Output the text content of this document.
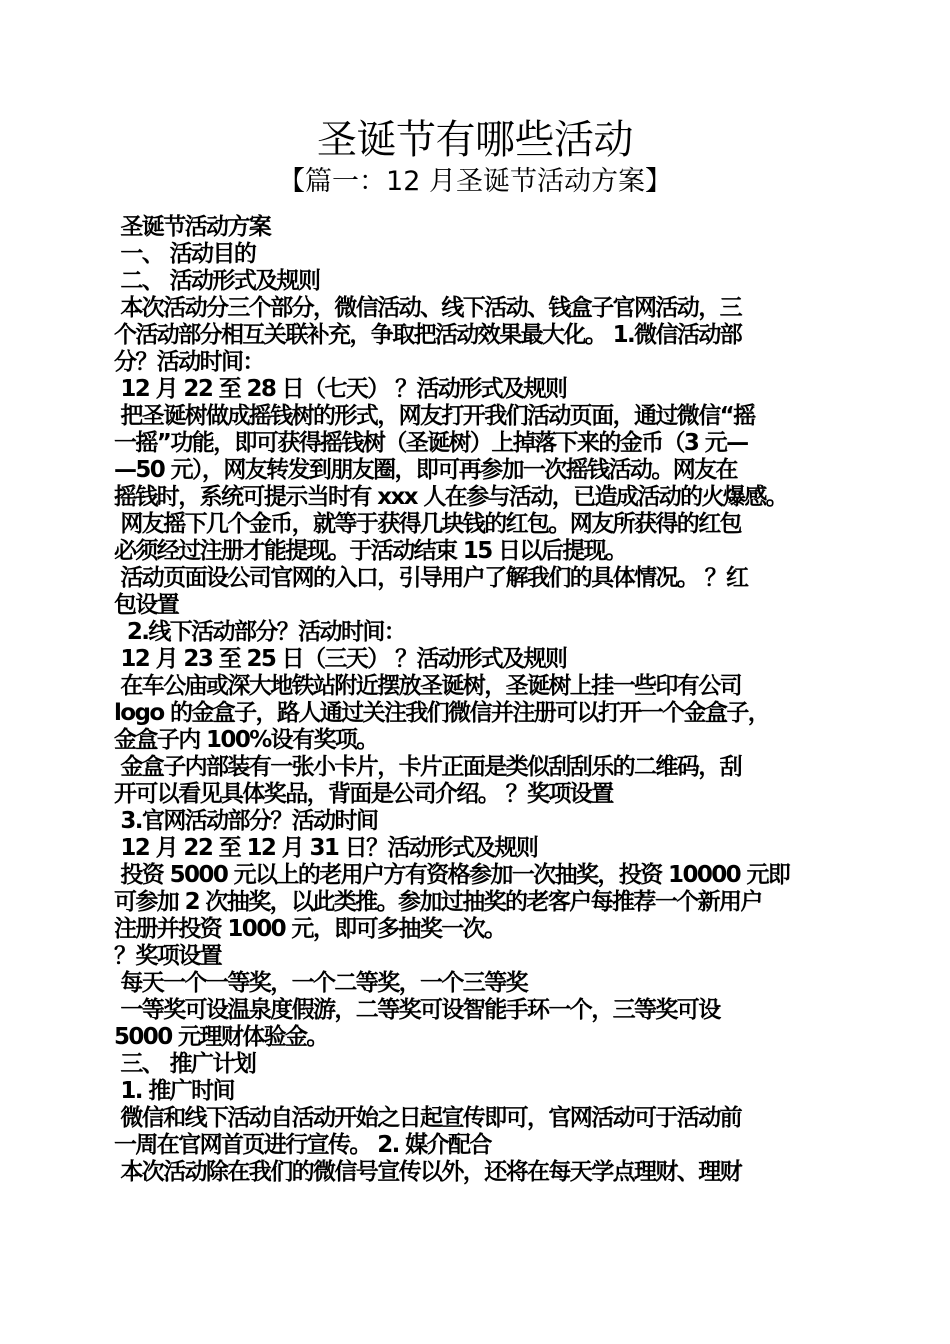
圣诞节有哪些活动
【篇一：12 月圣诞节活动方案】
圣诞节活动方案
一、 活动目的
二、 活动形式及规则
本次活动分三个部分，微信活动、线下活动、钱盒子官网活动，三
个活动部分相互关联补充，争取把活动效果最大化。 1.微信活动部
分？活动时间：
12 月 22 至 28 日（七天） ？活动形式及规则
把圣诞树做成摇钱树的形式，网友打开我们活动页面，通过微信“摇
一摇”功能，即可获得摇钱树（圣诞树）上掉落下来的金币（3 元—
—50 元），网友转发到朋友圈，即可再参加一次摇钱活动。网友在
摇钱时，系统可提示当时有 xxx 人在参与活动，已造成活动的火爆感。
网友摇下几个金币，就等于获得几块钱的红包。网友所获得的红包
必须经过注册才能提现。于活动结束 15 日以后提现。
活动页面设公司官网的入口，引导用户了解我们的具体情况。 ？红
包设置
2.线下活动部分？活动时间：
12 月 23 至 25 日（三天） ？活动形式及规则
在车公庙或深大地铁站附近摆放圣诞树，圣诞树上挂一些印有公司
logo 的金盒子，路人通过关注我们微信并注册可以打开一个金盒子，
金盒子内 100%设有奖项。
金盒子内部装有一张小卡片，卡片正面是类似刮刮乐的二维码，刮
开可以看见具体奖品，背面是公司介绍。 ？奖项设置
3.官网活动部分？活动时间
12 月 22 至 12 月 31 日？活动形式及规则
投资 5000 元以上的老用户方有资格参加一次抽奖，投资 10000 元即
可参加 2 次抽奖，以此类推。参加过抽奖的老客户每推荐一个新用户
注册并投资 1000 元，即可多抽奖一次。
？奖项设置
每天一个一等奖，一个二等奖，一个三等奖
一等奖可设温泉度假游，二等奖可设智能手环一个，三等奖可设
5000 元理财体验金。
三、 推广计划
1. 推广时间
微信和线下活动自活动开始之日起宣传即可，官网活动可于活动前
一周在官网首页进行宣传。 2. 媒介配合
本次活动除在我们的微信号宣传以外，还将在每天学点理财、理财
